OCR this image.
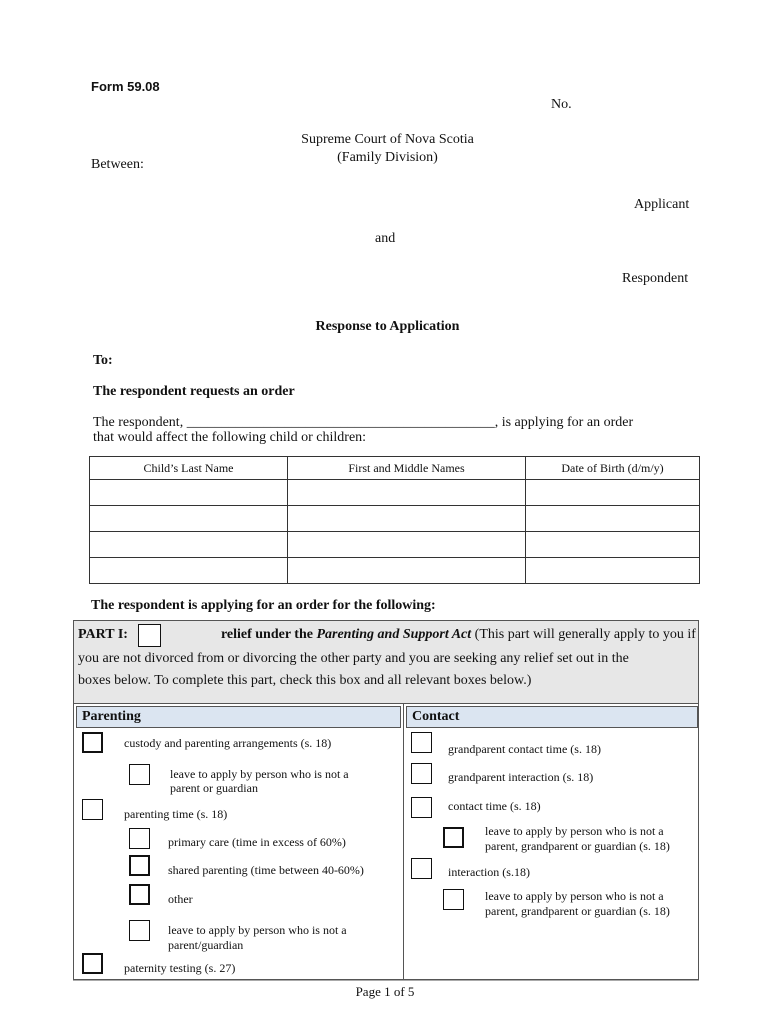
Form 59.08
No.
Supreme Court of Nova Scotia
(Family Division)
Between:
Applicant
and
Respondent
Response to Application
To:
The respondent requests an order
The respondent, ____________________________________________, is applying for an order
that would affect the following child or children:
Child’s Last Name	First and Middle Names	Date of Birth (d/m/y)

The respondent is applying for an order for the following:
PART I:	relief under the Parenting and Support Act (This part will generally apply to you if
you are not divorced from or divorcing the other party and you are seeking any relief set out in the
boxes below. To complete this part, check this box and all relevant boxes below.)
Parenting	Contact
custody and parenting arrangements (s. 18)
leave to apply by person who is not a
parent or guardian
parenting time (s. 18)
primary care (time in excess of 60%)
shared parenting (time between 40-60%)
other
leave to apply by person who is not a
parent/guardian
paternity testing (s. 27)
grandparent contact time (s. 18)
grandparent interaction (s. 18)
contact time (s. 18)
leave to apply by person who is not a
parent, grandparent or guardian (s. 18)
interaction (s.18)
leave to apply by person who is not a
parent, grandparent or guardian (s. 18)
Page 1 of 5
